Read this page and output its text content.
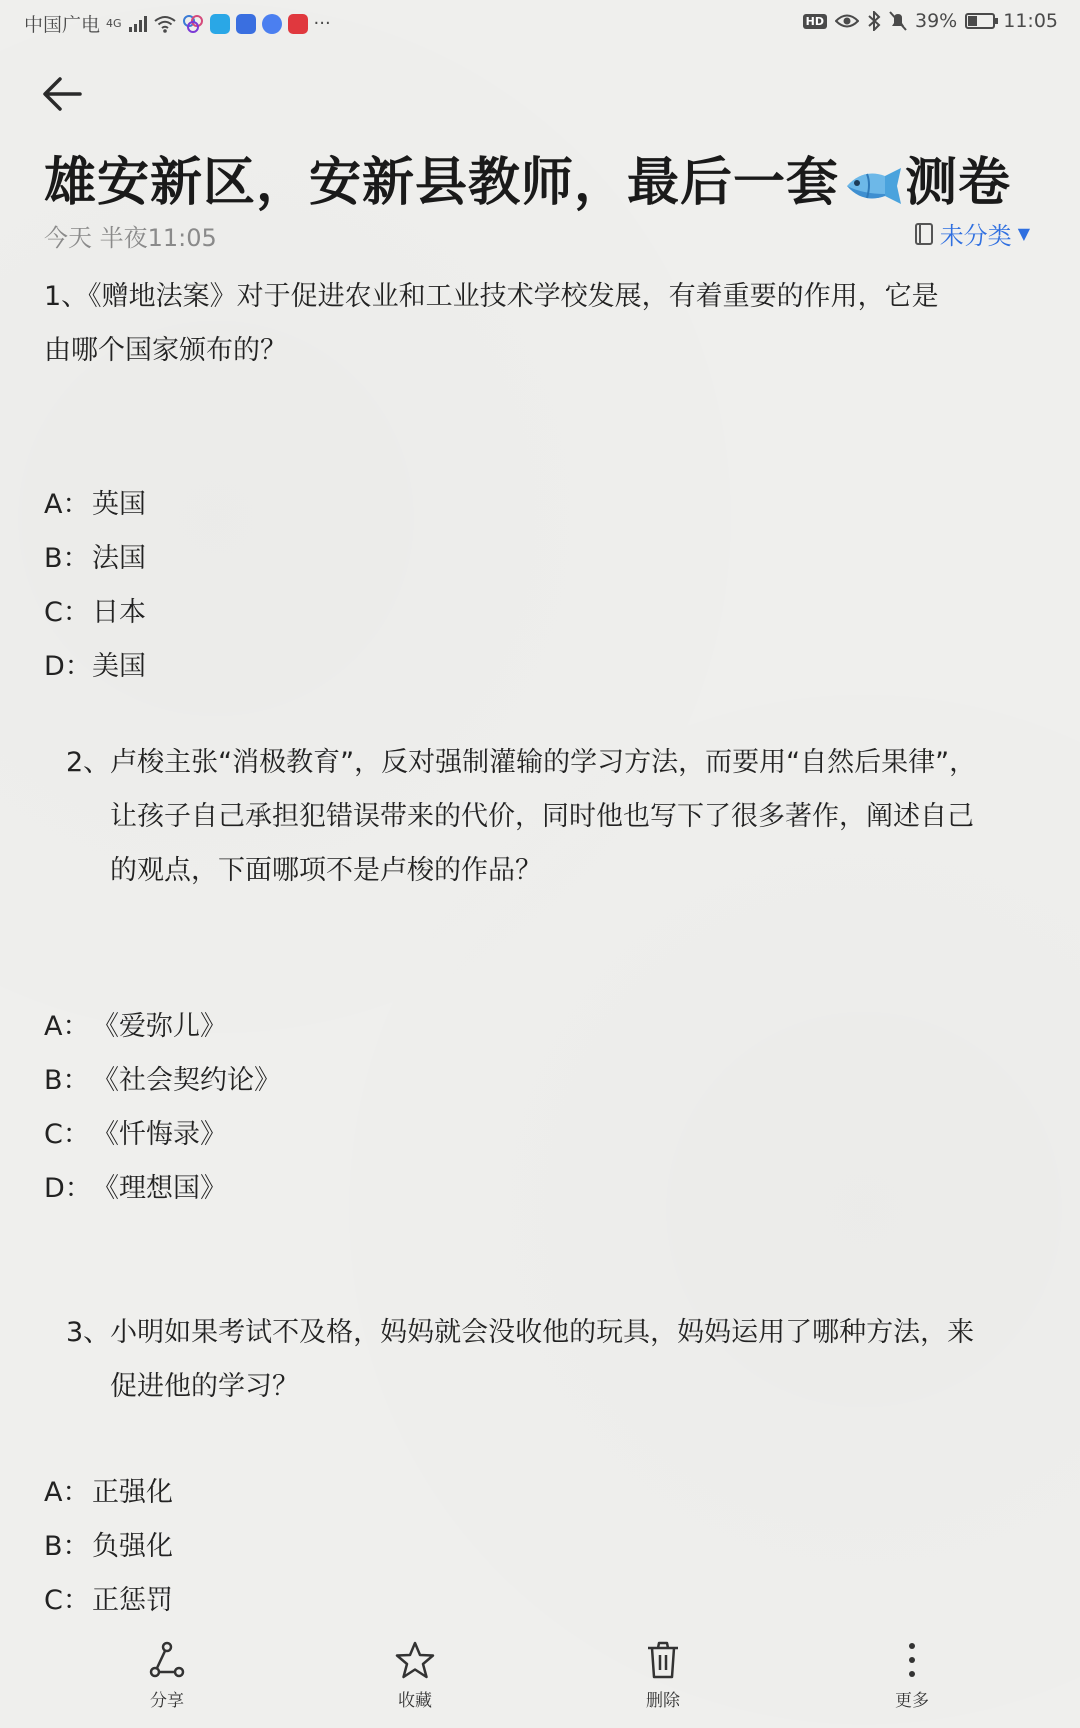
中国广电 4G	···	HD	39% 11:05
雄安新区，安新县教师，最后一套 测卷
今天 半夜11:05	未分类 ▼

1、《赠地法案》对于促进农业和工业技术学校发展，有着重要的作用，它是
由哪个国家颁布的？

A： 英国
B： 法国
C： 日本
D： 美国

2、卢梭主张“消极教育”，反对强制灌输的学习方法，而要用“自然后果律”，

让孩子自己承担犯错误带来的代价，同时他也写下了很多著作，阐述自己
的观点，下面哪项不是卢梭的作品？

A： 《爱弥儿》
B： 《社会契约论》
C： 《忏悔录》
D： 《理想国》

3、小明如果考试不及格，妈妈就会没收他的玩具，妈妈运用了哪种方法，来

促进他的学习？

A： 正强化
B： 负强化
C： 正惩罚
分享	收藏	删除	更多
